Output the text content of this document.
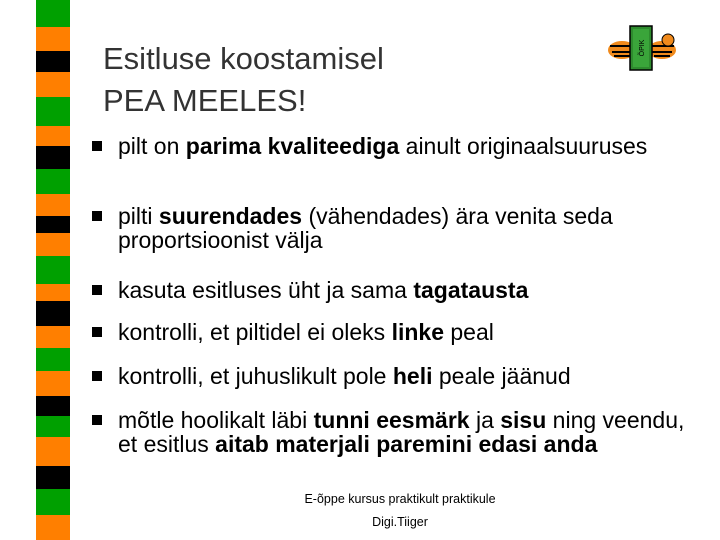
Esitluse koostamisel
PEA MEELES!
ÕPIK
pilt on parima kvaliteediga ainult originaalsuuruses
pilti suurendades (vähendades) ära venita seda proportsioonist välja
kasuta esitluses üht ja sama tagatausta
kontrolli, et piltidel ei oleks linke peal
kontrolli, et juhuslikult pole heli peale jäänud
mõtle hoolikalt läbi tunni eesmärk ja sisu ning veendu, et esitlus aitab materjali paremini edasi anda
E-õppe kursus praktikult praktikule
Digi.Tiiger
